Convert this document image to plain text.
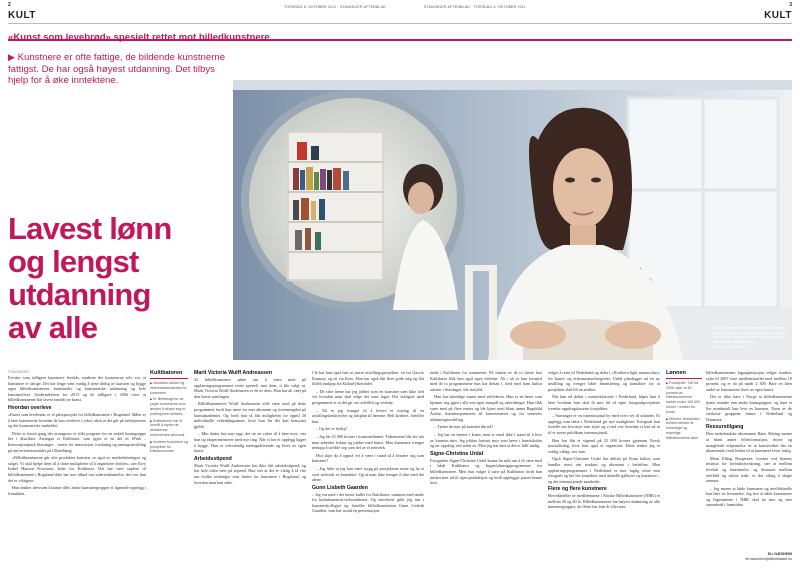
2	3
KULT	KULT
TORSDAG 6. OKTOBER 2011 · STAVANGER AFTENBLAD	STAVANGER AFTENBLAD · TORSDAG 6. OKTOBER 2011
«Kunst som levebrød» spesielt rettet mot billedkunstnere
▶ Kunstnere er ofte fattige, de bildende kunstnerne fattigst. De har også høyest utdanning. Det tilbys hjelp for å øke inntektene.
Lavest lønn
og lengst
utdanning
av alle	Marit Victoria Wulff Andreassen i sitt atelier på Tou Scene, som til tross for at det ikke er særlig stort, fungerer både som kontor og kunstnerisk arbeidsplass.
FOTO: JARLE AASLAND
STAVANGER

Forsker som tidligere kunstnere levekår, studiene det kunstnerne selv vet, at kunstnere er fattige. Det har lenge vært vanlig å tjene dårlig av kunsten og bygge egen billedkunstnerens kunstnerliv og kunstneriske utdanning og hele kunstnerlivet. Undersøkelsen for 2013 og de tidligere i 2006 viser at billedkunstnerne har lavest inntekt av kunst.

Hvordan overleve

«Kunst som levebrød» er et pilotprosjekt for billedkunstnere i Rogaland. Målet er å lære kunstnerne hvordan de kan overleve i yrket, altså at det går på helsetjeneste og det kunstneriske innholdet.

Dette er første gang der arrangeres et slikt program for en enkelt kunstgruppe her i distriktet. Arrangør er Kulthuset, som igjen er en del av IPark – Innovasjonspark Stavanger – senter for innovasjon, forskning og næringsutvikling på universitetsområdet på Ullandhaug.

«Billedkunstnerne går ofte produkter kunsten, se også av markedsføringen og salget. Vi skal hjelpe dem til å finne muligheter til å organisere driften», sier Eivy Isabel Hansen Kvassnes, leder for Kulthuset. Det har vært søplere til billedkunstnere i Rogaland ikke har noe tilbud om videreutdannelse, det tror hun det er viktigere.

Hun ønsker deessom å kunne tilby andre kunstnergrupper et lignende opplegg i fremtiden.

Kultibatoren
▶ Inkubator-tanker og nettverkssamarbeid for kunstnere.
▶ Er tilrettelagt for de yngre kunstnerne som ønsker å skape seg et profesjonelt nettverk.
▶ Kultibatoren har til formål å styrke de deltakende kunstnernes økonomi.
▶ Inviterer kunstnere og prosjekter for billedkunstnere.
Marit Victoria Wulff Andreassen

32 billedkunstnere søkte om å være med på opplæringsprogrammet rettet spesielt mot dem, ti ble valgt ut. Marit Victoria Wulff Andreassen er én av dem. Hun har alt vært på den første samlingen.

Billedkunstneren Wulff Andreassen ville være med på dette programmet fordi hun tærte for mer økonomi og forretningsbit på kunstakademiet. Og fordi hun så fått muligheten for opptil 30 individuelle veiledningstimer, hvor hun får det kan hensynet gjelde.

– Min datter har som sagt, det tar en vakse til å lære mye, sier hun og eksperimenterer med nye ting. Når vi har et opplegg ligger å bygge. Hun er selvstendig næringsdrivende og lever av egen kunst.

Arbeidsstipend

Marit Victoria Wulff Andreassen har ikke fått arbeidsstipend, og har hele tiden vært på stipend. Hun sier at det er viktig å få vite om hvilke ordninger som finnes for kunstnere i Rogaland, og hvordan man kan søke.

I år har hun også hatt to større utstillingsprosjekter, ett for Gascio Karmøy, og ett via Kero. Hun har også fått flere gode salg og fått tildelt innkjøp fra Kulturfylkesrådet.

– De siste årene har jeg jobbet som en kunstner som ikke helt vet hvordan man skal selge det man lager. Det viktigste med programmet er at det gir oss selvtillit og verktøy.

– Nå er jeg tvunget til å levere et forslag til en utstillingsbeskrivelse og tidsplan til lærerne. Helt konkret, forteller hun.

– Og det er herlig!

– Jeg får 25 000 kroner i kunstnerlønnet. Tiderimene blir lav når man arbeider frilans og jobber med kunst. Men kunstnere trenger nettopp å utvikle seg som del av et nettverk.

Hva skjer da å oppnå vel å være i stand til å livnære seg som kunstner?

– Jeg føler at jeg kan være trygg på prosjektene mine og ha et stort nettverk av kontakter. Og at man ikke trenger å sitte med det alene.

Gunn Lisbeth Gaarden

– Jeg var med i det første kullet for Kultibator, sammen med andre fra kulturkamerat-virksomheten. Og etterhvert gikk jeg inn i kunstnerkollegiet og forteller billedkunstneren Gunn Lisbeth Gaarden, som har avtalt en presentasjon.

rinde i Kultibator for sommeren. På slutten av de to første året Kultibator fikk hun også egen veileder. Alt i alt er hun fornøyd med de to programmene hun har deltatt i, førd med fram kultur artister i Stavanger, ble trafjeld.

Hun har ukentlige møter med veilederen. Hun er en lærer som kjenner seg igjen i alle ens egne innspill og utfordringer. Hun fikk være med på flere møter og ble kjent med blant annet Ragnhild Åsebø, kunstnerpartneren til kunstsenteret og fra senterets utdanningsavdeling.

– Tjener du mer på kunsten din nå?

– Jeg har en mester i kunst, men er ennå ikke i stand til å leve av kunsten min. Jeg jobber fortsatt mye som lærer i kunstskolen og tar oppdrag ved siden av. Men jeg har lært at det er fullt mulig.

Signe-Christine Urdal

Fotografen Signe-Christine Urdal kunne ha søkt om å få være med i både Kultibator og Ingenfoltningsprogrammet for billedkunstnere. Men hun valgte å satse på Kultibator fordi hun ønsket mer tid til egen produksjon og fordi opplegget passet henne best.

velgte å reise til Nederland og delta i «Northern light masterclass» for kunst- og dokumentarfotografer. Urdal planlegger nå en ny utstilling og trenger både finansiering og kontakter for at prosjektet skal bli en realitet.

Når hun nå deltar i masterklassene i Nederland, håper hun å lære hvordan hun skal få mer tid til egne fotografiprosjekter fremfor oppdragsbaserte fotojobber.

– Stavanger er en internasjonal by med tvert vei til utlandet. Et opplegg som dette i Nederland gir nye muligheter. Fotografi kan fortelle om hva mye som skjer og vi må vite hvordan vi kan nå ut til et større publikum internasjonalt.

Hun har fått et stipend på 22 000 kroner gjennom Norsk journalistlag, hvor hun også er organisert. Dette tenker jeg er veldig viktig, sier hun.

Også Signe-Christine Urdal har deltatt på Fram kultur, som handler mest om struktur og økonomi i bedriften. Men opplæringsprogrammet i Nederland er mer faglig rettet mot fotografi og her lett kontakter med aktuelle gallerier og kuratorer – og det internasjonale markedet.

Flere og flere kunstnere

Hovedårdeler av medlemmene i Norske Billedkunstnere (NBK) er mellom 30 og 60 år. Billedkunstnerne har høyest utdanning av alle kunstnergrupper, de fleste har fem år eller mer.

Lønnen
▶ Forskjeller: Tall fra 2006 viser at 60 prosent av billedkunstnerne hadde under 100 000 kroner i inntekt fra kunst.
▶ Minster: Avstanden mellom lønnen til kvinnelige og mannlige billedkunstnere øker.

billedkunstnernes fagorganisasjon velger studien, sylte til 2007 siste medlemsstallet med mellom 10 prosent, og er nå på rundt 2 300. Bare en liten andel av kunstnerne lever av egen kunst.

Det er ikke bare i Norge at billedkunstnerne tjener mindre enn andre kunstgrupper, og bare et lite mindretall kan leve av kunsten. Noen av de sterkeste gruppene finnes i Nederland og Danmark.

Ressurstilgang

Den nederlandske økonomen Hans Abbing mener at blant annet fellesformasjon, myter og manglende erkjennelse av at kunstverket har en økonomisk verdi bidrar til at kunstnere lever fattig.

Mens Elling Borgersen, forsker ved Statens institutt for forbruksforskning, sier at mellom levekår og kunstnerliv, og dessuten mellom selvbild og sultne tider, er det viktig å skape arenaer.

– Jeg mener at både kunstnere og intellektuelle kan lære av hverandre. Jeg tror at både kunstnerne og Ingeniørene i NBK skal ha mer og mer samarbeid i framtiden.

ELI NÆSHEIM
eli.naesheim@aftenbladet.no
